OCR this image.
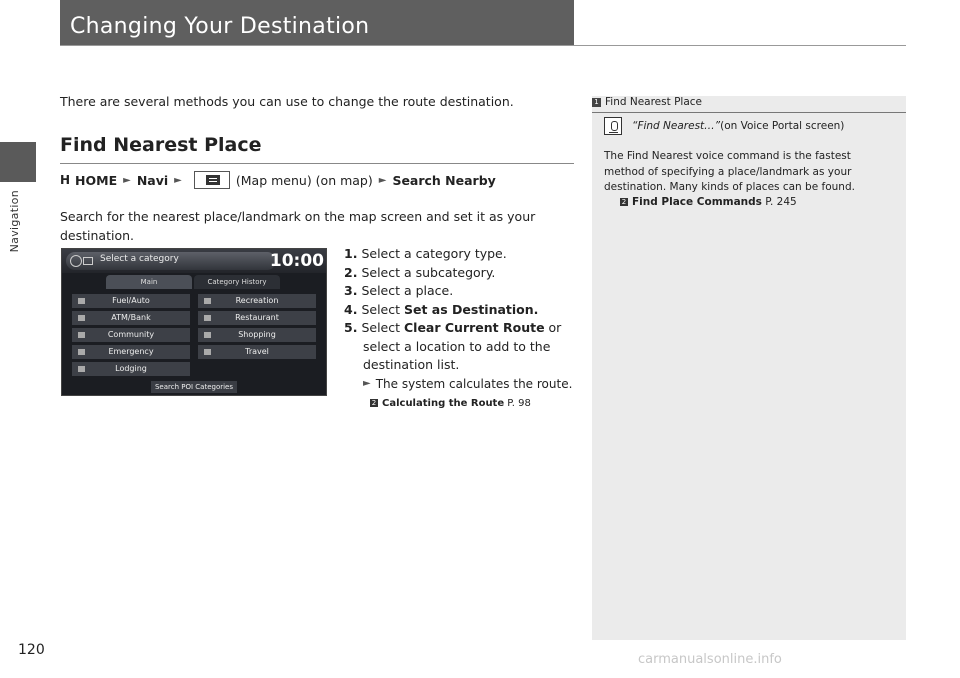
Navigation
Changing Your Destination
There are several methods you can use to change the route destination.
Find Nearest Place
H HOME ► Navi ►	(Map menu) (on map) ► Search Nearby
Search for the nearest place/landmark on the map screen and set it as your destination.
Select a category	10:00
Main	Category History
Fuel/Auto	Recreation
ATM/Bank	Restaurant
Community	Shopping
Emergency	Travel
Lodging
Search POI Categories
1. Select a category type.
2. Select a subcategory.
3. Select a place.
4. Select Set as Destination.
5. Select Clear Current Route or
select a location to add to the
destination list.
► The system calculates the route.
2 Calculating the Route P. 98
1 Find Nearest Place
“Find Nearest…” (on Voice Portal screen)
The Find Nearest voice command is the fastest method of specifying a place/landmark as your destination. Many kinds of places can be found.
2 Find Place Commands P. 245
120
carmanualsonline.info
